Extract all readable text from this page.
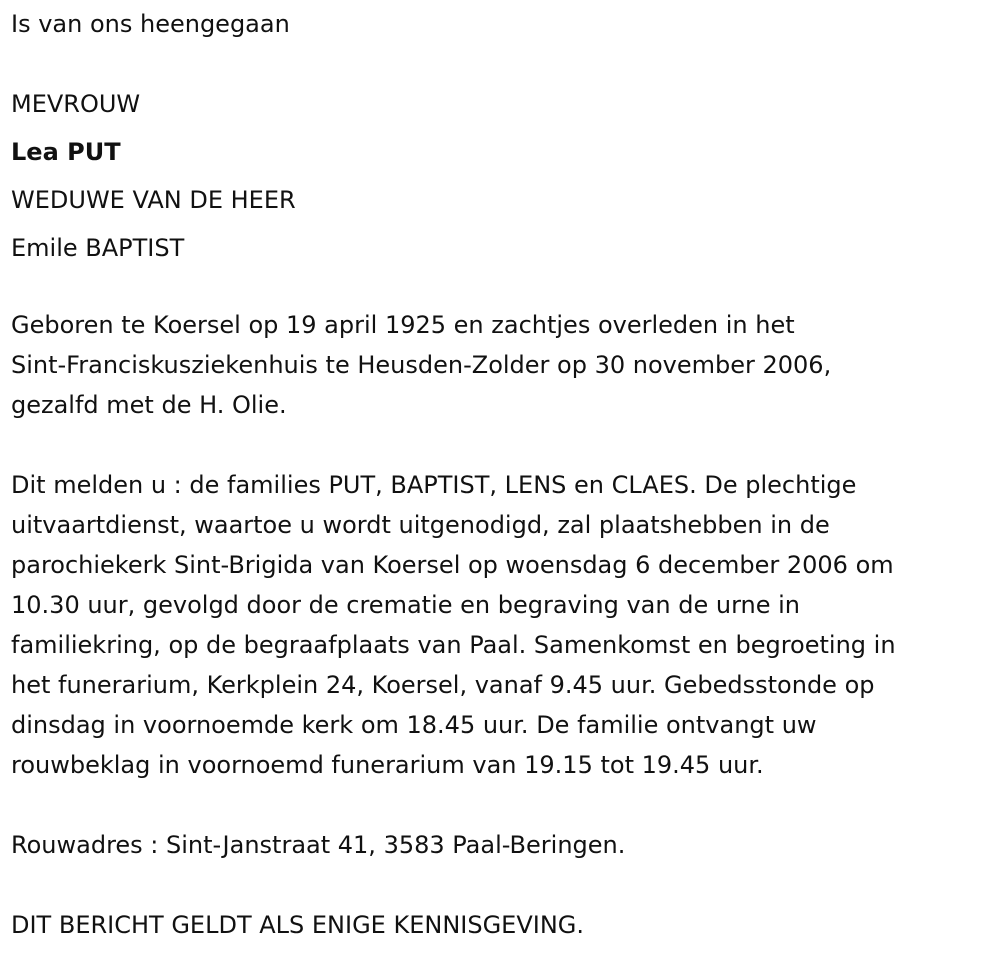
Is van ons heengegaan
MEVROUW
Lea PUT
WEDUWE VAN DE HEER
Emile BAPTIST

Geboren te Koersel op 19 april 1925 en zachtjes overleden in het
Sint-Franciskusziekenhuis te Heusden-Zolder op 30 november 2006,
gezalfd met de H. Olie.

Dit melden u : de families PUT, BAPTIST, LENS en CLAES. De plechtige
uitvaartdienst, waartoe u wordt uitgenodigd, zal plaatshebben in de
parochiekerk Sint-Brigida van Koersel op woensdag 6 december 2006 om
10.30 uur, gevolgd door de crematie en begraving van de urne in
familiekring, op de begraafplaats van Paal. Samenkomst en begroeting in
het funerarium, Kerkplein 24, Koersel, vanaf 9.45 uur. Gebedsstonde op
dinsdag in voornoemde kerk om 18.45 uur. De familie ontvangt uw
rouwbeklag in voornoemd funerarium van 19.15 tot 19.45 uur.

Rouwadres : Sint-Janstraat 41, 3583 Paal-Beringen.

DIT BERICHT GELDT ALS ENIGE KENNISGEVING.
